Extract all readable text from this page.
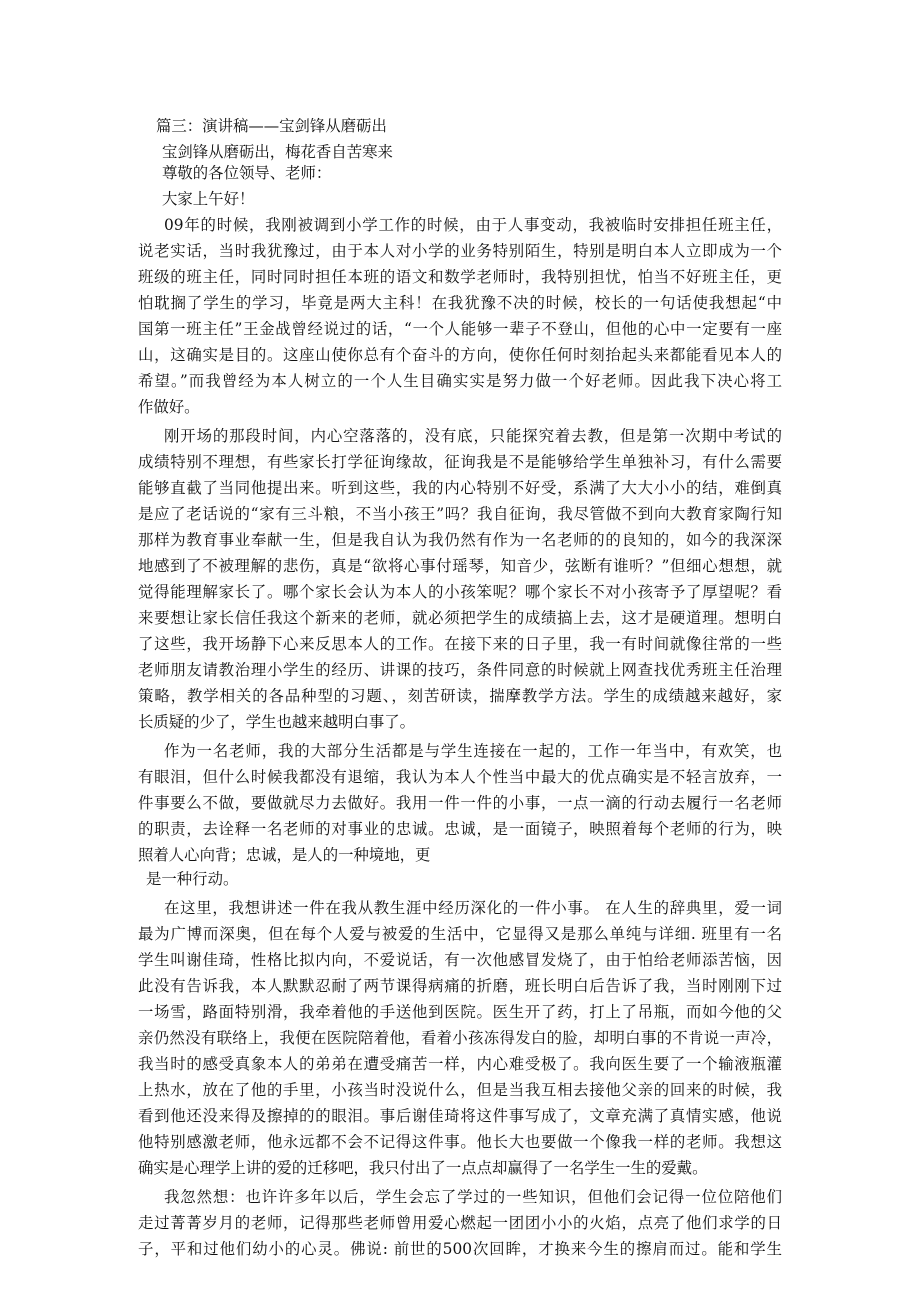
篇三：演讲稿——宝剑锋从磨砺出
宝剑锋从磨砺出，梅花香自苦寒来
尊敬的各位领导、老师：
大家上午好！
09年的时候，我刚被调到小学工作的时候，由于人事变动，我被临时安排担任班主任，
说老实话，当时我犹豫过，由于本人对小学的业务特别陌生，特别是明白本人立即成为一个
班级的班主任，同时同时担任本班的语文和数学老师时，我特别担忧，怕当不好班主任，更
怕耽搁了学生的学习，毕竟是两大主科！在我犹豫不决的时候，校长的一句话使我想起“中
国第一班主任”王金战曾经说过的话，“一个人能够一辈子不登山，但他的心中一定要有一座
山，这确实是目的。这座山使你总有个奋斗的方向，使你任何时刻抬起头来都能看见本人的
希望。”而我曾经为本人树立的一个人生目确实实是努力做一个好老师。因此我下决心将工
作做好。
刚开场的那段时间，内心空落落的，没有底，只能探究着去教，但是第一次期中考试的
成绩特别不理想，有些家长打学征询缘故，征询我是不是能够给学生单独补习，有什么需要
能够直截了当同他提出来。听到这些，我的内心特别不好受，系满了大大小小的结，难倒真
是应了老话说的“家有三斗粮，不当小孩王”吗？我自征询，我尽管做不到向大教育家陶行知
那样为教育事业奉献一生，但是我自认为我仍然有作为一名老师的的良知的，如今的我深深
地感到了不被理解的悲伤，真是“欲将心事付瑶琴，知音少，弦断有谁听？”但细心想想，就
觉得能理解家长了。哪个家长会认为本人的小孩笨呢？哪个家长不对小孩寄予了厚望呢？看
来要想让家长信任我这个新来的老师，就必须把学生的成绩搞上去，这才是硬道理。想明白
了这些，我开场静下心来反思本人的工作。在接下来的日子里，我一有时间就像往常的一些
老师朋友请教治理小学生的经历、讲课的技巧，条件同意的时候就上网查找优秀班主任治理
策略，教学相关的各品种型的习题、，刻苦研读，揣摩教学方法。学生的成绩越来越好，家
长质疑的少了，学生也越来越明白事了。
作为一名老师，我的大部分生活都是与学生连接在一起的，工作一年当中，有欢笑，也
有眼泪，但什么时候我都没有退缩，我认为本人个性当中最大的优点确实是不轻言放弃，一
件事要么不做，要做就尽力去做好。我用一件一件的小事，一点一滴的行动去履行一名老师
的职责，去诠释一名老师的对事业的忠诚。忠诚，是一面镜子，映照着每个老师的行为，映
照着人心向背；忠诚，是人的一种境地，更
是一种行动。
在这里，我想讲述一件在我从教生涯中经历深化的一件小事。 在人生的辞典里，爱一词
最为广博而深奥，但在每个人爱与被爱的生活中，它显得又是那么单纯与详细. 班里有一名
学生叫谢佳琦，性格比拟内向，不爱说话，有一次他感冒发烧了，由于怕给老师添苦恼，因
此没有告诉我，本人默默忍耐了两节课得病痛的折磨，班长明白后告诉了我，当时刚刚下过
一场雪，路面特别滑，我牵着他的手送他到医院。医生开了药，打上了吊瓶，而如今他的父
亲仍然没有联络上，我便在医院陪着他，看着小孩冻得发白的脸，却明白事的不肯说一声冷，
我当时的感受真象本人的弟弟在遭受痛苦一样，内心难受极了。我向医生要了一个输液瓶灌
上热水，放在了他的手里，小孩当时没说什么，但是当我互相去接他父亲的回来的时候，我
看到他还没来得及擦掉的的眼泪。事后谢佳琦将这件事写成了，文章充满了真情实感，他说
他特别感激老师，他永远都不会不记得这件事。他长大也要做一个像我一样的老师。我想这
确实是心理学上讲的爱的迁移吧，我只付出了一点点却赢得了一名学生一生的爱戴。
我忽然想：也许许多年以后，学生会忘了学过的一些知识，但他们会记得一位位陪他们
走过菁菁岁月的老师，记得那些老师曾用爱心燃起一团团小小的火焰，点亮了他们求学的日
子，平和过他们幼小的心灵。佛说: 前世的500次回眸，才换来今生的擦肩而过。能和学生
